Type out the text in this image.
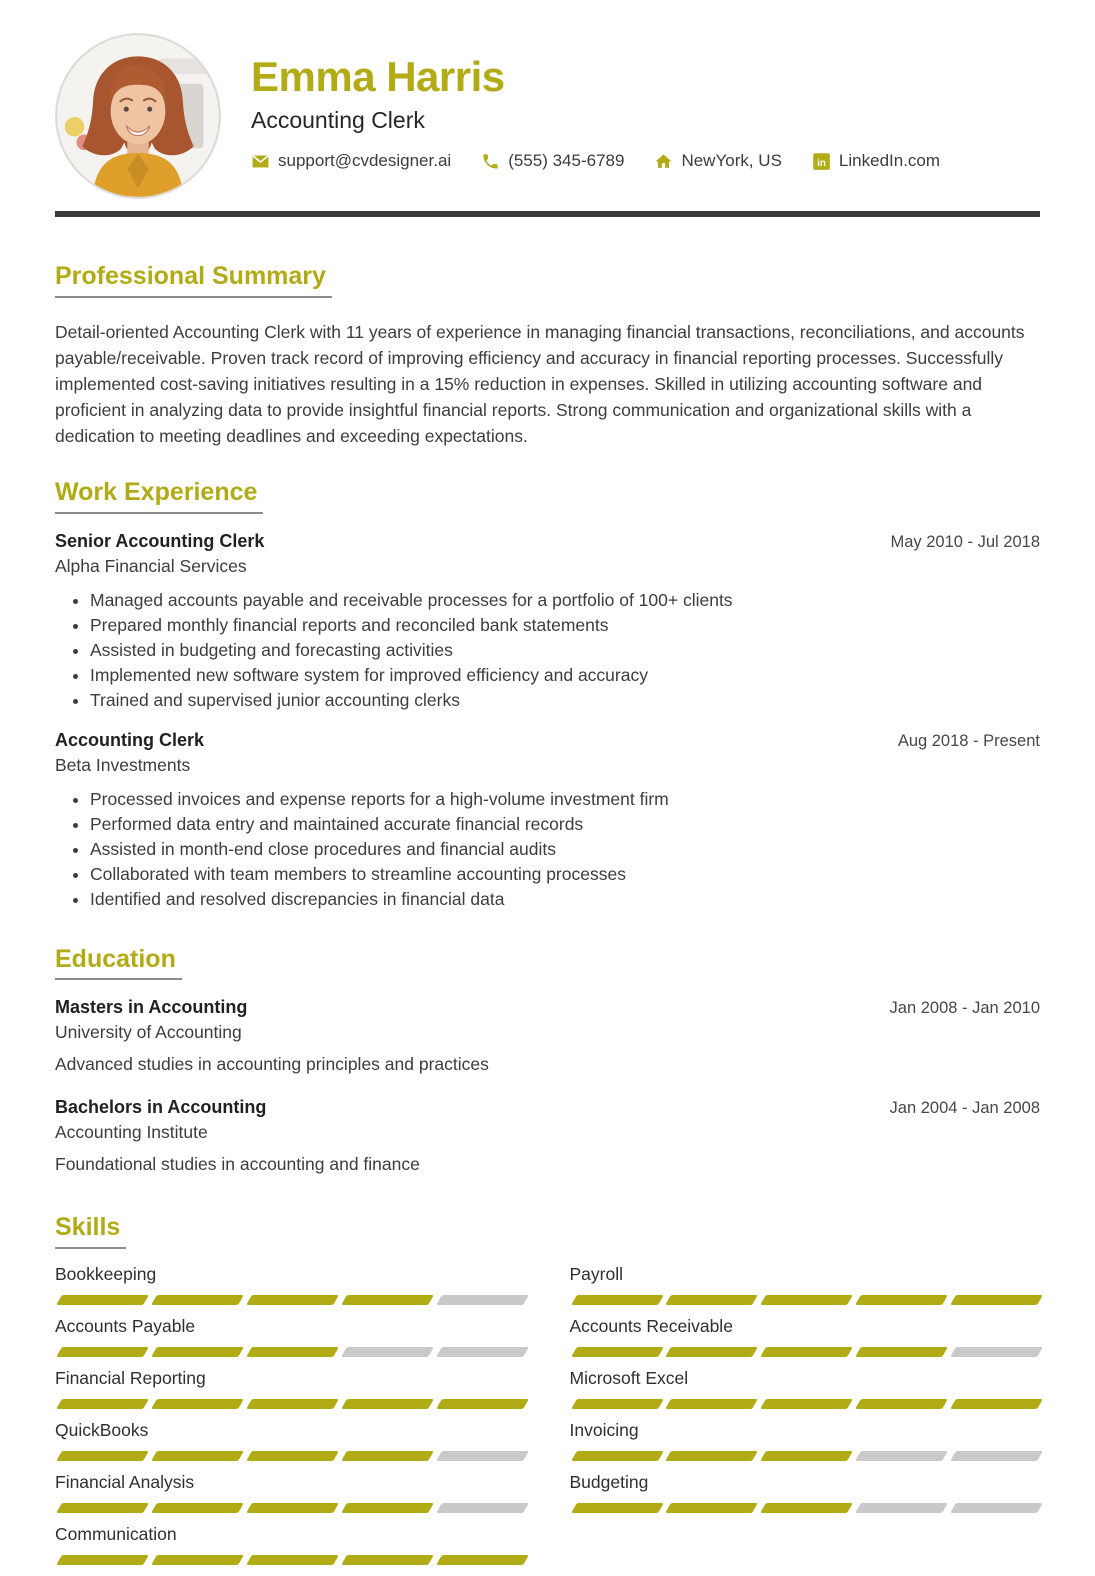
Emma Harris
Accounting Clerk
support@cvdesigner.ai	(555) 345-6789	NewYork, US	in LinkedIn.com
Professional Summary

Detail-oriented Accounting Clerk with 11 years of experience in managing financial transactions, reconciliations, and accounts payable/receivable. Proven track record of improving efficiency and accuracy in financial reporting processes. Successfully implemented cost-saving initiatives resulting in a 15% reduction in expenses. Skilled in utilizing accounting software and proficient in analyzing data to provide insightful financial reports. Strong communication and organizational skills with a dedication to meeting deadlines and exceeding expectations.

Work Experience
Senior Accounting Clerk	May 2010 - Jul 2018
Alpha Financial Services
• Managed accounts payable and receivable processes for a portfolio of 100+ clients
• Prepared monthly financial reports and reconciled bank statements
• Assisted in budgeting and forecasting activities
• Implemented new software system for improved efficiency and accuracy
• Trained and supervised junior accounting clerks
Accounting Clerk	Aug 2018 - Present
Beta Investments
• Processed invoices and expense reports for a high-volume investment firm
• Performed data entry and maintained accurate financial records
• Assisted in month-end close procedures and financial audits
• Collaborated with team members to streamline accounting processes
• Identified and resolved discrepancies in financial data
Education
Masters in Accounting	Jan 2008 - Jan 2010
University of Accounting
Advanced studies in accounting principles and practices
Bachelors in Accounting	Jan 2004 - Jan 2008
Accounting Institute
Foundational studies in accounting and finance
Skills
Bookkeeping
Accounts Payable
Financial Reporting
QuickBooks
Financial Analysis
Communication
Payroll
Accounts Receivable
Microsoft Excel
Invoicing
Budgeting
